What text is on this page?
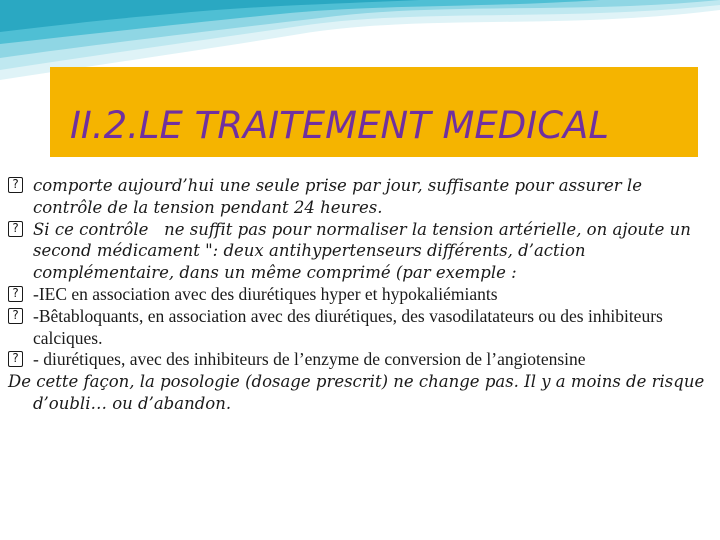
II.2.LE TRAITEMENT MEDICAL

? comporte aujourd’hui une seule prise par jour, suffisante pour assurer le contrôle de la tension pendant 24 heures.

? Si ce contrôle   ne suffit pas pour normaliser la tension artérielle, on ajoute un second médicament ": deux antihypertenseurs différents, d’action complémentaire, dans un même comprimé (par exemple :

? -IEC en association avec des diurétiques hyper et hypokaliémiants

? -Bêtabloquants, en association avec des diurétiques, des vasodilatateurs ou des inhibiteurs calciques.

? - diurétiques, avec des inhibiteurs de l’enzyme de conversion de l’angiotensine

De cette façon, la posologie (dosage prescrit) ne change pas. Il y a moins de risque d’oubli… ou d’abandon.
